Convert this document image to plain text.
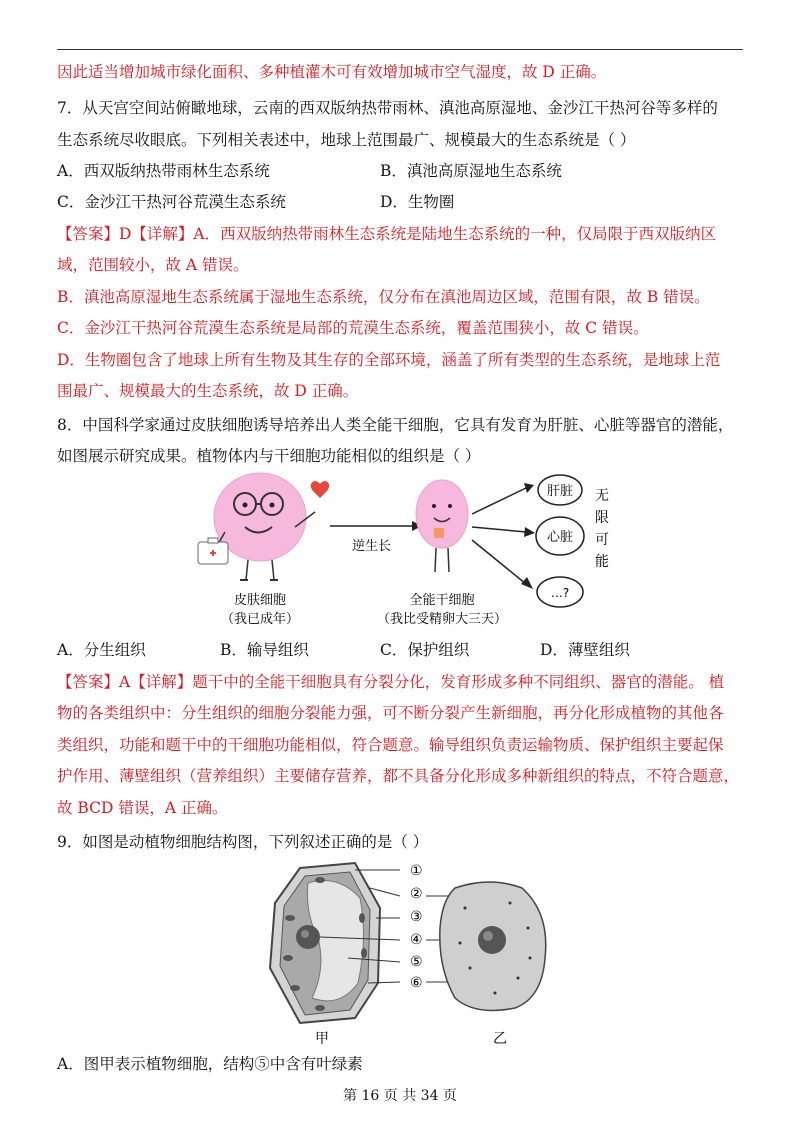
因此适当增加城市绿化面积、多种植灌木可有效增加城市空气湿度，故 D 正确。
7．从天宫空间站俯瞰地球，云南的西双版纳热带雨林、滇池高原湿地、金沙江干热河谷等多样的
生态系统尽收眼底。下列相关表述中，地球上范围最广、规模最大的生态系统是（ ）
A．西双版纳热带雨林生态系统	B．滇池高原湿地生态系统
C．金沙江干热河谷荒漠生态系统	D．生物圈
【答案】D【详解】A．西双版纳热带雨林生态系统是陆地生态系统的一种，仅局限于西双版纳区
域，范围较小，故 A 错误。
B．滇池高原湿地生态系统属于湿地生态系统，仅分布在滇池周边区域，范围有限，故 B 错误。
C．金沙江干热河谷荒漠生态系统是局部的荒漠生态系统，覆盖范围狭小，故 C 错误。
D．生物圈包含了地球上所有生物及其生存的全部环境，涵盖了所有类型的生态系统，是地球上范
围最广、规模最大的生态系统，故 D 正确。
8．中国科学家通过皮肤细胞诱导培养出人类全能干细胞，它具有发育为肝脏、心脏等器官的潜能，
如图展示研究成果。植物体内与干细胞功能相似的组织是（ ）
皮肤细胞
（我已成年）
逆生长
全能干细胞
（我比受精卵大三天）
肝脏
心脏
…?
无
限
可
能
A．分生组织	B．输导组织	C．保护组织	D．薄壁组织
【答案】A【详解】题干中的全能干细胞具有分裂分化，发育形成多种不同组织、器官的潜能。 植
物的各类组织中：分生组织的细胞分裂能力强，可不断分裂产生新细胞，再分化形成植物的其他各
类组织，功能和题干中的干细胞功能相似，符合题意。输导组织负责运输物质、保护组织主要起保
护作用、薄壁组织（营养组织）主要储存营养，都不具备分化形成多种新组织的特点，不符合题意，
故 BCD 错误，A 正确。
9．如图是动植物细胞结构图，下列叙述正确的是（ ）
①
②
③
④
⑤
⑥
甲	乙
A．图甲表示植物细胞，结构⑤中含有叶绿素
第 16 页 共 34 页
